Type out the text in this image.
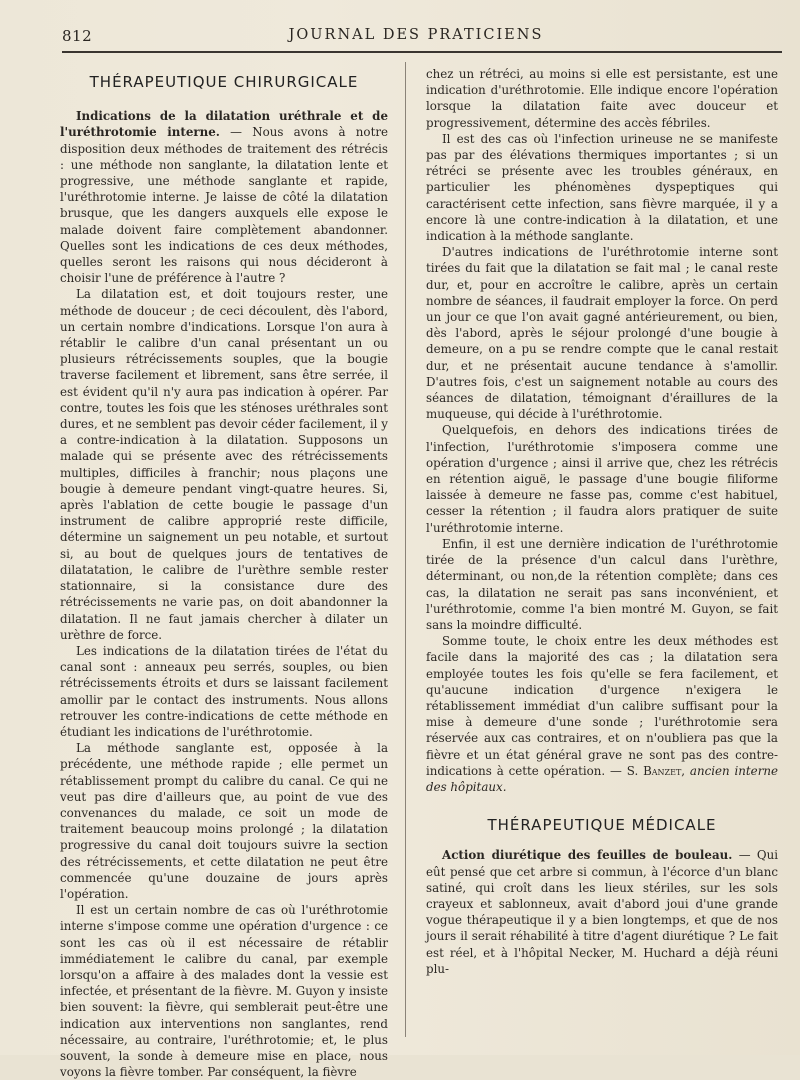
812	JOURNAL DES PRATICIENS
THÉRAPEUTIQUE CHIRURGICALE

Indications de la dilatation uréthrale et de l'uréthrotomie interne. — Nous avons à notre disposition deux méthodes de traitement des rétrécis : une méthode non sanglante, la dilatation lente et progressive, une méthode sanglante et rapide, l'uréthrotomie interne. Je laisse de côté la dilatation brusque, que les dangers auxquels elle expose le malade doivent faire complètement abandonner. Quelles sont les indications de ces deux méthodes, quelles seront les raisons qui nous décideront à choisir l'une de préférence à l'autre ?

La dilatation est, et doit toujours rester, une méthode de douceur ; de ceci découlent, dès l'abord, un certain nombre d'indications. Lorsque l'on aura à rétablir le calibre d'un canal présentant un ou plusieurs rétrécissements souples, que la bougie traverse facilement et librement, sans être serrée, il est évident qu'il n'y aura pas indication à opérer. Par contre, toutes les fois que les sténoses uréthrales sont dures, et ne semblent pas devoir céder facilement, il y a contre-indication à la dilatation. Supposons un malade qui se présente avec des rétrécissements multiples, difficiles à franchir; nous plaçons une bougie à demeure pendant vingt-quatre heures. Si, après l'ablation de cette bougie le passage d'un instrument de calibre approprié reste difficile, détermine un saignement un peu notable, et surtout si, au bout de quelques jours de tentatives de dilatatation, le calibre de l'urèthre semble rester stationnaire, si la consistance dure des rétrécissements ne varie pas, on doit abandonner la dilatation. Il ne faut jamais chercher à dilater un urèthre de force.

Les indications de la dilatation tirées de l'état du canal sont : anneaux peu serrés, souples, ou bien rétrécissements étroits et durs se laissant facilement amollir par le contact des instruments. Nous allons retrouver les contre-indications de cette méthode en étudiant les indications de l'uréthrotomie.

La méthode sanglante est, opposée à la précédente, une méthode rapide ; elle permet un rétablissement prompt du calibre du canal. Ce qui ne veut pas dire d'ailleurs que, au point de vue des convenances du malade, ce soit un mode de traitement beaucoup moins prolongé ; la dilatation progressive du canal doit toujours suivre la section des rétrécissements, et cette dilatation ne peut être commencée qu'une douzaine de jours après l'opération.

Il est un certain nombre de cas où l'uréthrotomie interne s'impose comme une opération d'urgence : ce sont les cas où il est nécessaire de rétablir immédiatement le calibre du canal, par exemple lorsqu'on a affaire à des malades dont la vessie est infectée, et présentant de la fièvre. M. Guyon y insiste bien souvent: la fièvre, qui semblerait peut-être une indication aux interventions non sanglantes, rend nécessaire, au contraire, l'uréthrotomie; et, le plus souvent, la sonde à demeure mise en place, nous voyons la fièvre tomber. Par conséquent, la fièvre

chez un rétréci, au moins si elle est persistante, est une indication d'uréthrotomie. Elle indique encore l'opération lorsque la dilatation faite avec douceur et progressivement, détermine des accès fébriles.

Il est des cas où l'infection urineuse ne se manifeste pas par des élévations thermiques importantes ; si un rétréci se présente avec les troubles généraux, en particulier les phénomènes dyspeptiques qui caractérisent cette infection, sans fièvre marquée, il y a encore là une contre-indication à la dilatation, et une indication à la méthode sanglante.

D'autres indications de l'uréthrotomie interne sont tirées du fait que la dilatation se fait mal ; le canal reste dur, et, pour en accroître le calibre, après un certain nombre de séances, il faudrait employer la force. On perd un jour ce que l'on avait gagné antérieurement, ou bien, dès l'abord, après le séjour prolongé d'une bougie à demeure, on a pu se rendre compte que le canal restait dur, et ne présentait aucune tendance à s'amollir. D'autres fois, c'est un saignement notable au cours des séances de dilatation, témoignant d'éraillures de la muqueuse, qui décide à l'uréthrotomie.

Quelquefois, en dehors des indications tirées de l'infection, l'uréthrotomie s'imposera comme une opération d'urgence ; ainsi il arrive que, chez les rétrécis en rétention aiguë, le passage d'une bougie filiforme laissée à demeure ne fasse pas, comme c'est habituel, cesser la rétention ; il faudra alors pratiquer de suite l'uréthrotomie interne.

Enfin, il est une dernière indication de l'uréthrotomie tirée de la présence d'un calcul dans l'urèthre, déterminant, ou non,de la rétention complète; dans ces cas, la dilatation ne serait pas sans inconvénient, et l'uréthrotomie, comme l'a bien montré M. Guyon, se fait sans la moindre difficulté.

Somme toute, le choix entre les deux méthodes est facile dans la majorité des cas ; la dilatation sera employée toutes les fois qu'elle se fera facilement, et qu'aucune indication d'urgence n'exigera le rétablissement immédiat d'un calibre suffisant pour la mise à demeure d'une sonde ; l'uréthrotomie sera réservée aux cas contraires, et on n'oubliera pas que la fièvre et un état général grave ne sont pas des contre-indications à cette opération. — S. Banzet, ancien interne des hôpitaux.

THÉRAPEUTIQUE MÉDICALE

Action diurétique des feuilles de bouleau. — Qui eût pensé que cet arbre si commun, à l'écorce d'un blanc satiné, qui croît dans les lieux stériles, sur les sols crayeux et sablonneux, avait d'abord joui d'une grande vogue thérapeutique il y a bien longtemps, et que de nos jours il serait réhabilité à titre d'agent diurétique ? Le fait est réel, et à l'hôpital Necker, M. Huchard a déjà réuni plu-
